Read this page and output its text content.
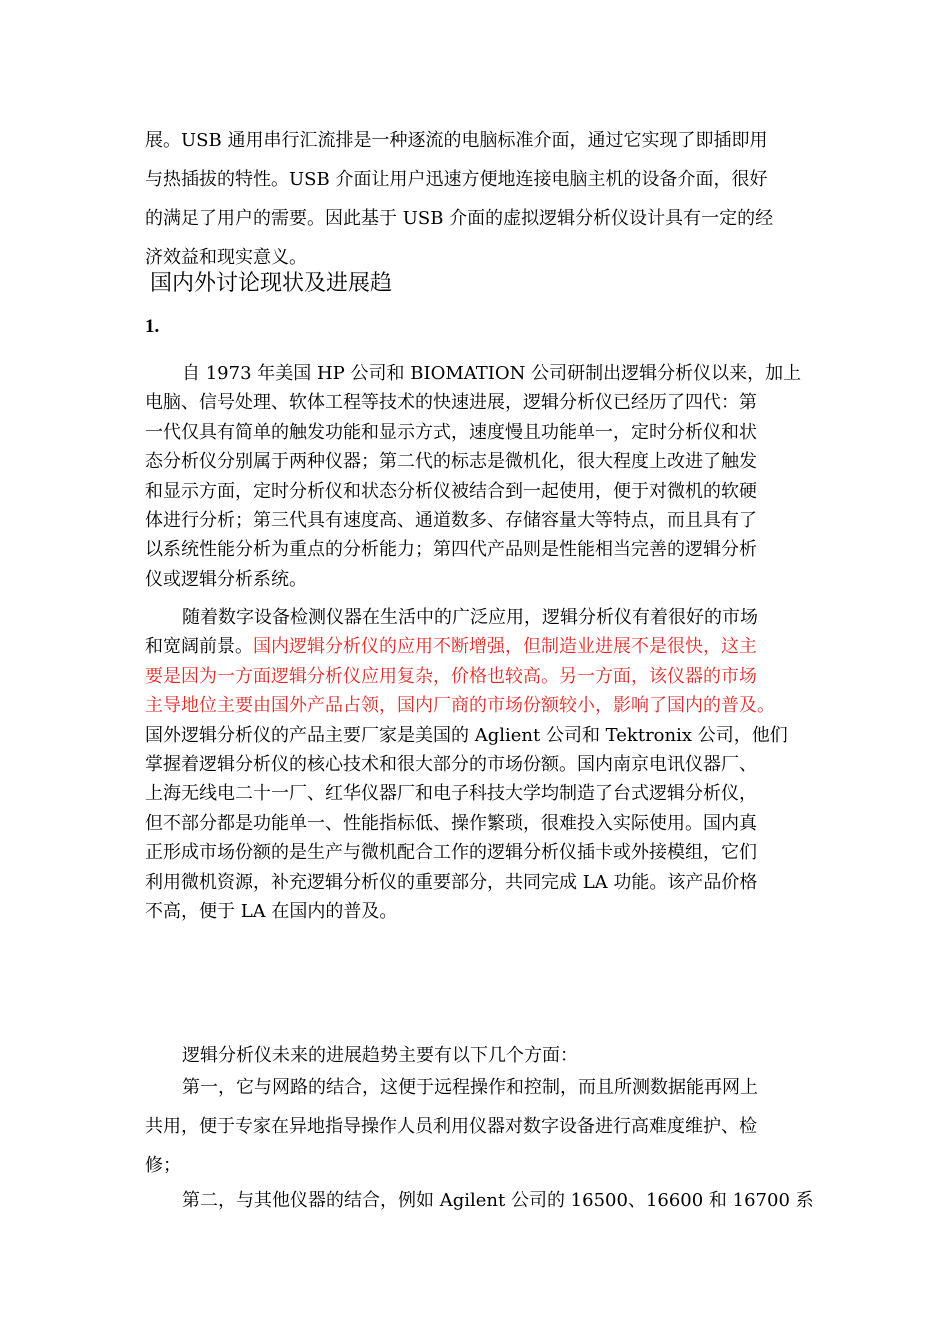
展。USB 通用串行汇流排是一种逐流的电脑标准介面，通过它实现了即插即用
与热插拔的特性。USB 介面让用户迅速方便地连接电脑主机的设备介面，很好
的满足了用户的需要。因此基于 USB 介面的虚拟逻辑分析仪设计具有一定的经
济效益和现实意义。
国内外讨论现状及进展趋
1.
自 1973 年美国 HP 公司和 BIOMATION 公司研制出逻辑分析仪以来，加上
电脑、信号处理、软体工程等技术的快速进展，逻辑分析仪已经历了四代：第
一代仅具有简单的触发功能和显示方式，速度慢且功能单一，定时分析仪和状
态分析仪分别属于两种仪器；第二代的标志是微机化，很大程度上改进了触发
和显示方面，定时分析仪和状态分析仪被结合到一起使用，便于对微机的软硬
体进行分析；第三代具有速度高、通道数多、存储容量大等特点，而且具有了
以系统性能分析为重点的分析能力；第四代产品则是性能相当完善的逻辑分析
仪或逻辑分析系统。
随着数字设备检测仪器在生活中的广泛应用，逻辑分析仪有着很好的市场
和宽阔前景。国内逻辑分析仪的应用不断增强，但制造业进展不是很快，这主
要是因为一方面逻辑分析仪应用复杂，价格也较高。另一方面，该仪器的市场
主导地位主要由国外产品占领，国内厂商的市场份额较小，影响了国内的普及。
国外逻辑分析仪的产品主要厂家是美国的 Aglient 公司和 Tektronix 公司，他们
掌握着逻辑分析仪的核心技术和很大部分的市场份额。国内南京电讯仪器厂、
上海无线电二十一厂、红华仪器厂和电子科技大学均制造了台式逻辑分析仪，
但不部分都是功能单一、性能指标低、操作繁琐，很难投入实际使用。国内真
正形成市场份额的是生产与微机配合工作的逻辑分析仪插卡或外接模组，它们
利用微机资源，补充逻辑分析仪的重要部分，共同完成 LA 功能。该产品价格
不高，便于 LA 在国内的普及。
逻辑分析仪未来的进展趋势主要有以下几个方面：
第一，它与网路的结合，这便于远程操作和控制，而且所测数据能再网上
共用，便于专家在异地指导操作人员利用仪器对数字设备进行高难度维护、检
修；
第二，与其他仪器的结合，例如 Agilent 公司的 16500、16600 和 16700 系
